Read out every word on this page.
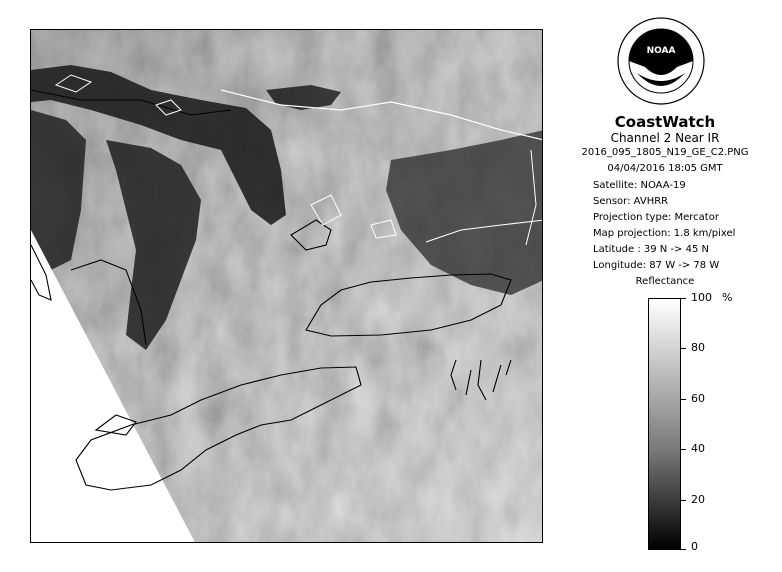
NOAA
CoastWatch
Channel 2 Near IR
2016_095_1805_N19_GE_C2.PNG
04/04/2016 18:05 GMT
Satellite: NOAA-19
Sensor: AVHRR
Projection type: Mercator
Map projection: 1.8 km/pixel
Latitude : 39 N -> 45 N
Longitude: 87 W -> 78 W
Reflectance
%
100
80
60
40
20
0
